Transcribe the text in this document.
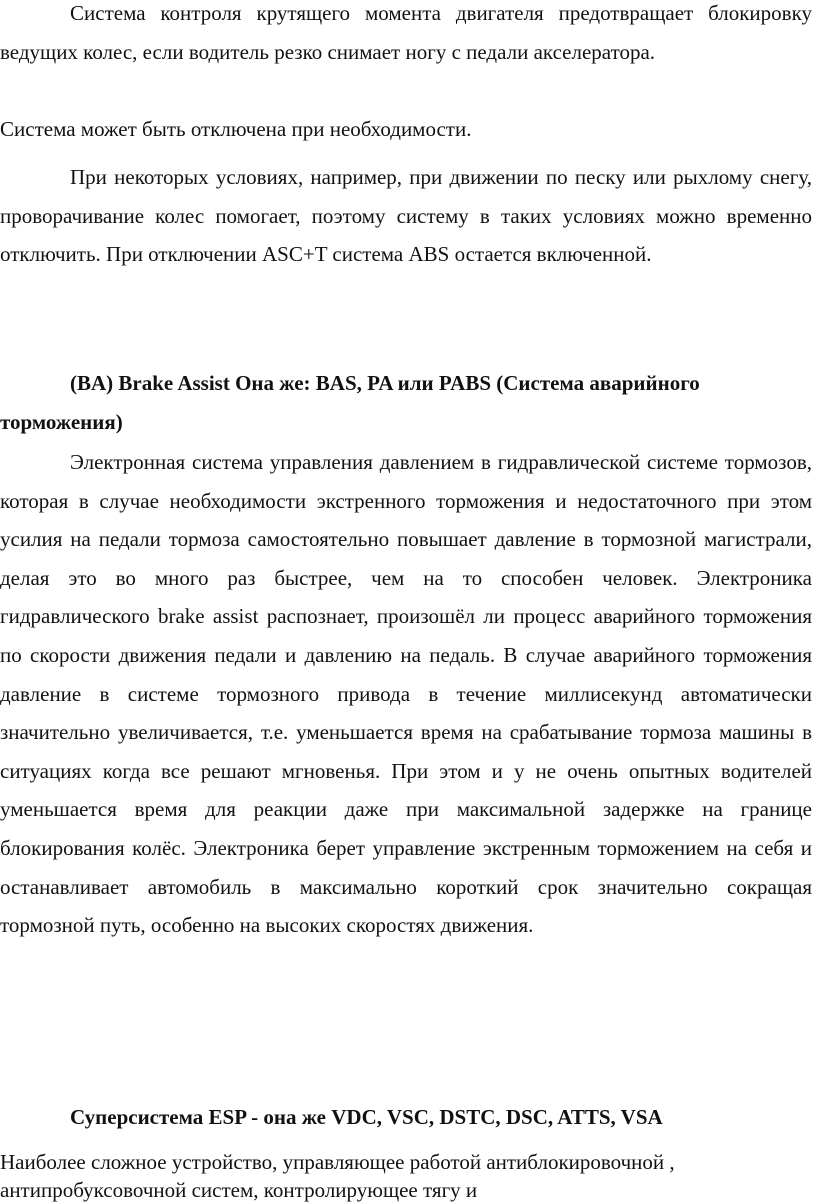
Система контроля крутящего момента двигателя предотвращает блокировку ведущих колес, если водитель резко снимает ногу с педали акселератора.

Система может быть отключена при необходимости.

При некоторых условиях, например, при движении по песку или рыхлому снегу, проворачивание колес помогает, поэтому систему в таких условиях можно временно отключить. При отключении ASC+T система ABS остается включенной.

(BA) Brake Assist Она же: BAS, PA или PABS (Система аварийного торможения)

Электронная система управления давлением в гидравлической системе тормозов, которая в случае необходимости экстренного торможения и недостаточного при этом усилия на педали тормоза самостоятельно повышает давление в тормозной магистрали, делая это во много раз быстрее, чем на то способен человек. Электроника гидравлического brake assist распознает, произошёл ли процесс аварийного торможения по скорости движения педали и давлению на педаль. В случае аварийного торможения давление в системе тормозного привода в течение миллисекунд автоматически значительно увеличивается, т.е. уменьшается время на срабатывание тормоза машины в ситуациях когда все решают мгновенья. При этом и у не очень опытных водителей уменьшается время для реакции даже при максимальной задержке на границе блокирования колёс. Электроника берет управление экстренным торможением на себя и останавливает автомобиль в максимально короткий срок значительно сокращая тормозной путь, особенно на высоких скоростях движения.

Суперсистема ESP - она же VDC, VSC, DSTC, DSC, ATTS, VSA

Наиболее сложное устройство, управляющее работой антиблокировочной ,

антипробуксовочной систем, контролирующее тягу и
